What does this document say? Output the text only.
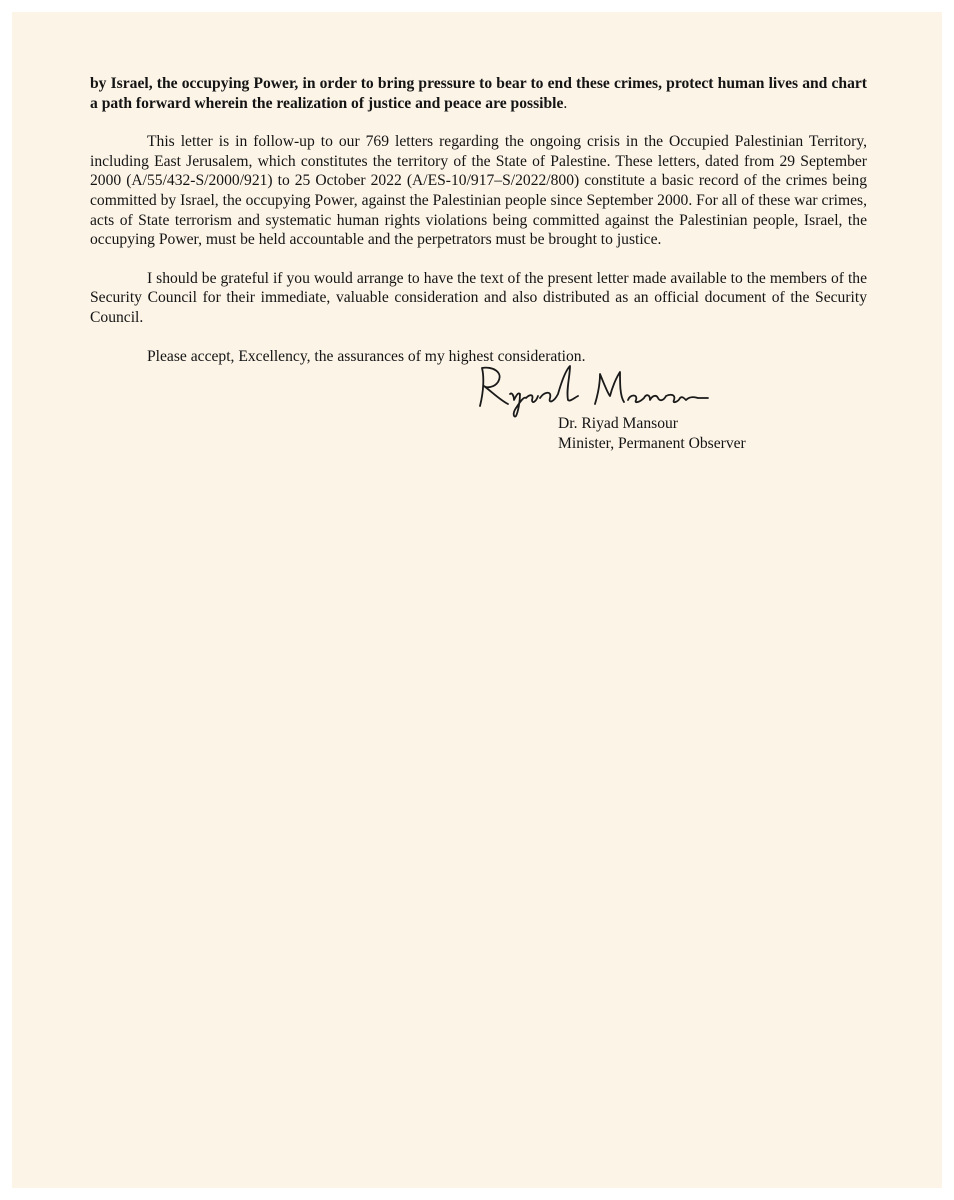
by Israel, the occupying Power, in order to bring pressure to bear to end these crimes, protect human lives and chart a path forward wherein the realization of justice and peace are possible.

This letter is in follow-up to our 769 letters regarding the ongoing crisis in the Occupied Palestinian Territory, including East Jerusalem, which constitutes the territory of the State of Palestine. These letters, dated from 29 September 2000 (A/55/432-S/2000/921) to 25 October 2022 (A/ES-10/917–S/2022/800) constitute a basic record of the crimes being committed by Israel, the occupying Power, against the Palestinian people since September 2000. For all of these war crimes, acts of State terrorism and systematic human rights violations being committed against the Palestinian people, Israel, the occupying Power, must be held accountable and the perpetrators must be brought to justice.

I should be grateful if you would arrange to have the text of the present letter made available to the members of the Security Council for their immediate, valuable consideration and also distributed as an official document of the Security Council.

Please accept, Excellency, the assurances of my highest consideration.

Dr. Riyad Mansour
Minister, Permanent Observer
